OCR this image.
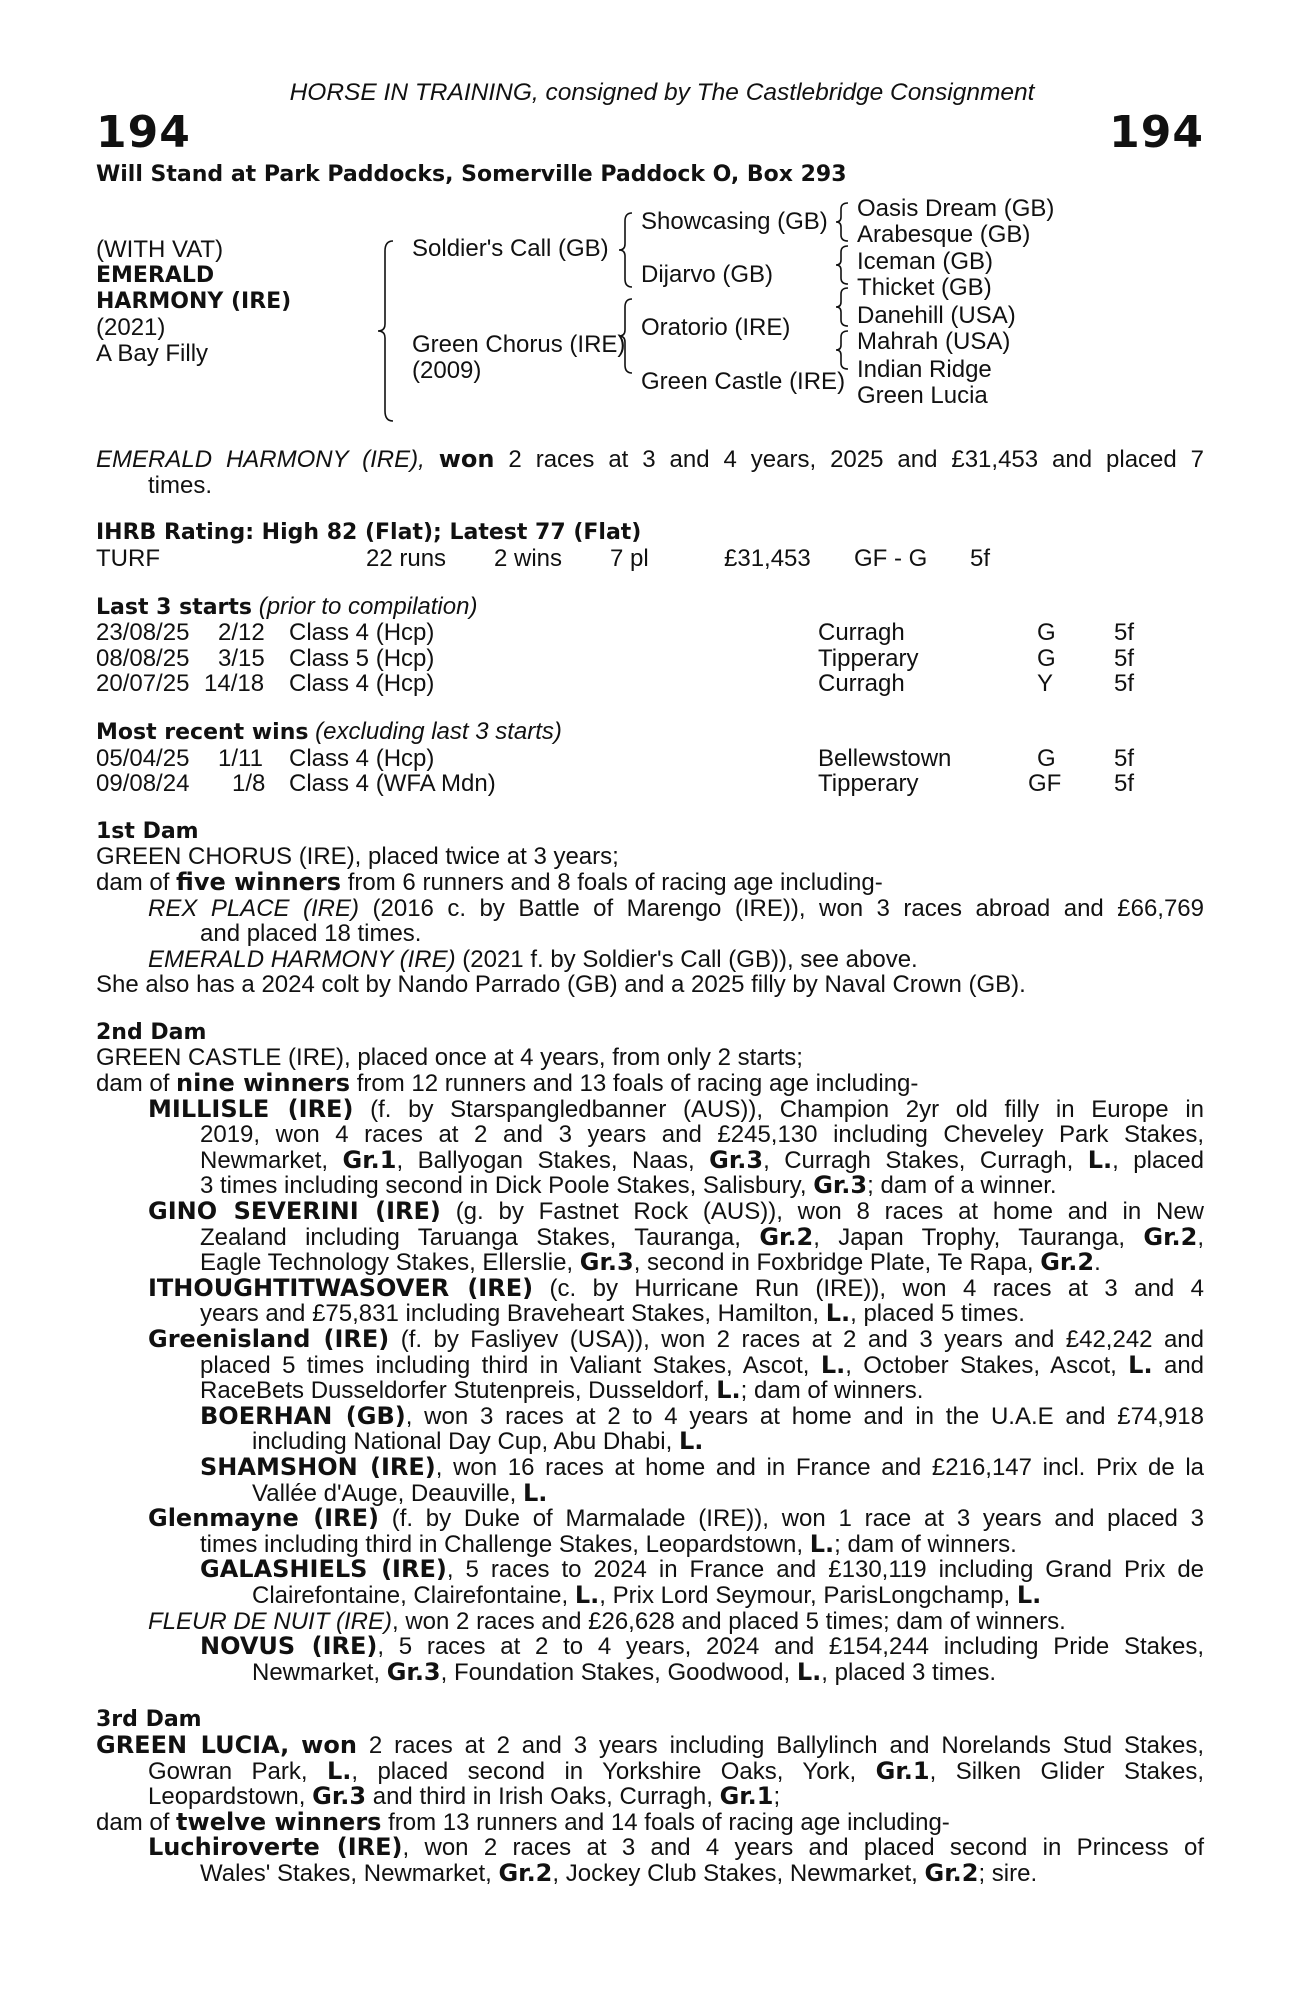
HORSE IN TRAINING, consigned by The Castlebridge Consignment
194	194
Will Stand at Park Paddocks, Somerville Paddock O, Box 293
(WITH VAT)
EMERALD
HARMONY (IRE)
(2021)
A Bay Filly
Soldier's Call (GB)
Green Chorus (IRE)
(2009)
Showcasing (GB)
Dijarvo (GB)
Oratorio (IRE)
Green Castle (IRE)
Oasis Dream (GB)
Arabesque (GB)
Iceman (GB)
Thicket (GB)
Danehill (USA)
Mahrah (USA)
Indian Ridge
Green Lucia
EMERALD HARMONY (IRE), won 2 races at 3 and 4 years, 2025 and £31,453 and placed 7
times.
IHRB Rating: High 82 (Flat); Latest 77 (Flat)
TURF	22 runs 2 wins 7 pl	£31,453 GF - G 5f
Last 3 starts (prior to compilation)
23/08/25 2/12 Class 4 (Hcp)	Curragh	G 5f
08/08/25 3/15 Class 5 (Hcp)	Tipperary	G 5f
20/07/25 14/18 Class 4 (Hcp)	Curragh	Y	5f
Most recent wins (excluding last 3 starts)
05/04/25 1/11 Class 4 (Hcp)	Bellewstown	G 5f
09/08/24 1/8 Class 4 (WFA Mdn)	Tipperary	GF 5f
1st Dam
GREEN CHORUS (IRE), placed twice at 3 years;
dam of five winners from 6 runners and 8 foals of racing age including-
REX PLACE (IRE) (2016 c. by Battle of Marengo (IRE)), won 3 races abroad and £66,769
and placed 18 times.
EMERALD HARMONY (IRE) (2021 f. by Soldier's Call (GB)), see above.
She also has a 2024 colt by Nando Parrado (GB) and a 2025 filly by Naval Crown (GB).
2nd Dam
GREEN CASTLE (IRE), placed once at 4 years, from only 2 starts;
dam of nine winners from 12 runners and 13 foals of racing age including-
MILLISLE (IRE) (f. by Starspangledbanner (AUS)), Champion 2yr old filly in Europe in
2019, won 4 races at 2 and 3 years and £245,130 including Cheveley Park Stakes,
Newmarket, Gr.1, Ballyogan Stakes, Naas, Gr.3, Curragh Stakes, Curragh, L., placed
3 times including second in Dick Poole Stakes, Salisbury, Gr.3; dam of a winner.
GINO SEVERINI (IRE) (g. by Fastnet Rock (AUS)), won 8 races at home and in New
Zealand including Taruanga Stakes, Tauranga, Gr.2, Japan Trophy, Tauranga, Gr.2,
Eagle Technology Stakes, Ellerslie, Gr.3, second in Foxbridge Plate, Te Rapa, Gr.2.
ITHOUGHTITWASOVER (IRE) (c. by Hurricane Run (IRE)), won 4 races at 3 and 4
years and £75,831 including Braveheart Stakes, Hamilton, L., placed 5 times.
Greenisland (IRE) (f. by Fasliyev (USA)), won 2 races at 2 and 3 years and £42,242 and
placed 5 times including third in Valiant Stakes, Ascot, L., October Stakes, Ascot, L. and
RaceBets Dusseldorfer Stutenpreis, Dusseldorf, L.; dam of winners.
BOERHAN (GB), won 3 races at 2 to 4 years at home and in the U.A.E and £74,918
including National Day Cup, Abu Dhabi, L.
SHAMSHON (IRE), won 16 races at home and in France and £216,147 incl. Prix de la
Vallée d'Auge, Deauville, L.
Glenmayne (IRE) (f. by Duke of Marmalade (IRE)), won 1 race at 3 years and placed 3
times including third in Challenge Stakes, Leopardstown, L.; dam of winners.
GALASHIELS (IRE), 5 races to 2024 in France and £130,119 including Grand Prix de
Clairefontaine, Clairefontaine, L., Prix Lord Seymour, ParisLongchamp, L.
FLEUR DE NUIT (IRE), won 2 races and £26,628 and placed 5 times; dam of winners.
NOVUS (IRE), 5 races at 2 to 4 years, 2024 and £154,244 including Pride Stakes,
Newmarket, Gr.3, Foundation Stakes, Goodwood, L., placed 3 times.
3rd Dam
GREEN LUCIA, won 2 races at 2 and 3 years including Ballylinch and Norelands Stud Stakes,
Gowran Park, L., placed second in Yorkshire Oaks, York, Gr.1, Silken Glider Stakes,
Leopardstown, Gr.3 and third in Irish Oaks, Curragh, Gr.1;
dam of twelve winners from 13 runners and 14 foals of racing age including-
Luchiroverte (IRE), won 2 races at 3 and 4 years and placed second in Princess of
Wales' Stakes, Newmarket, Gr.2, Jockey Club Stakes, Newmarket, Gr.2; sire.
